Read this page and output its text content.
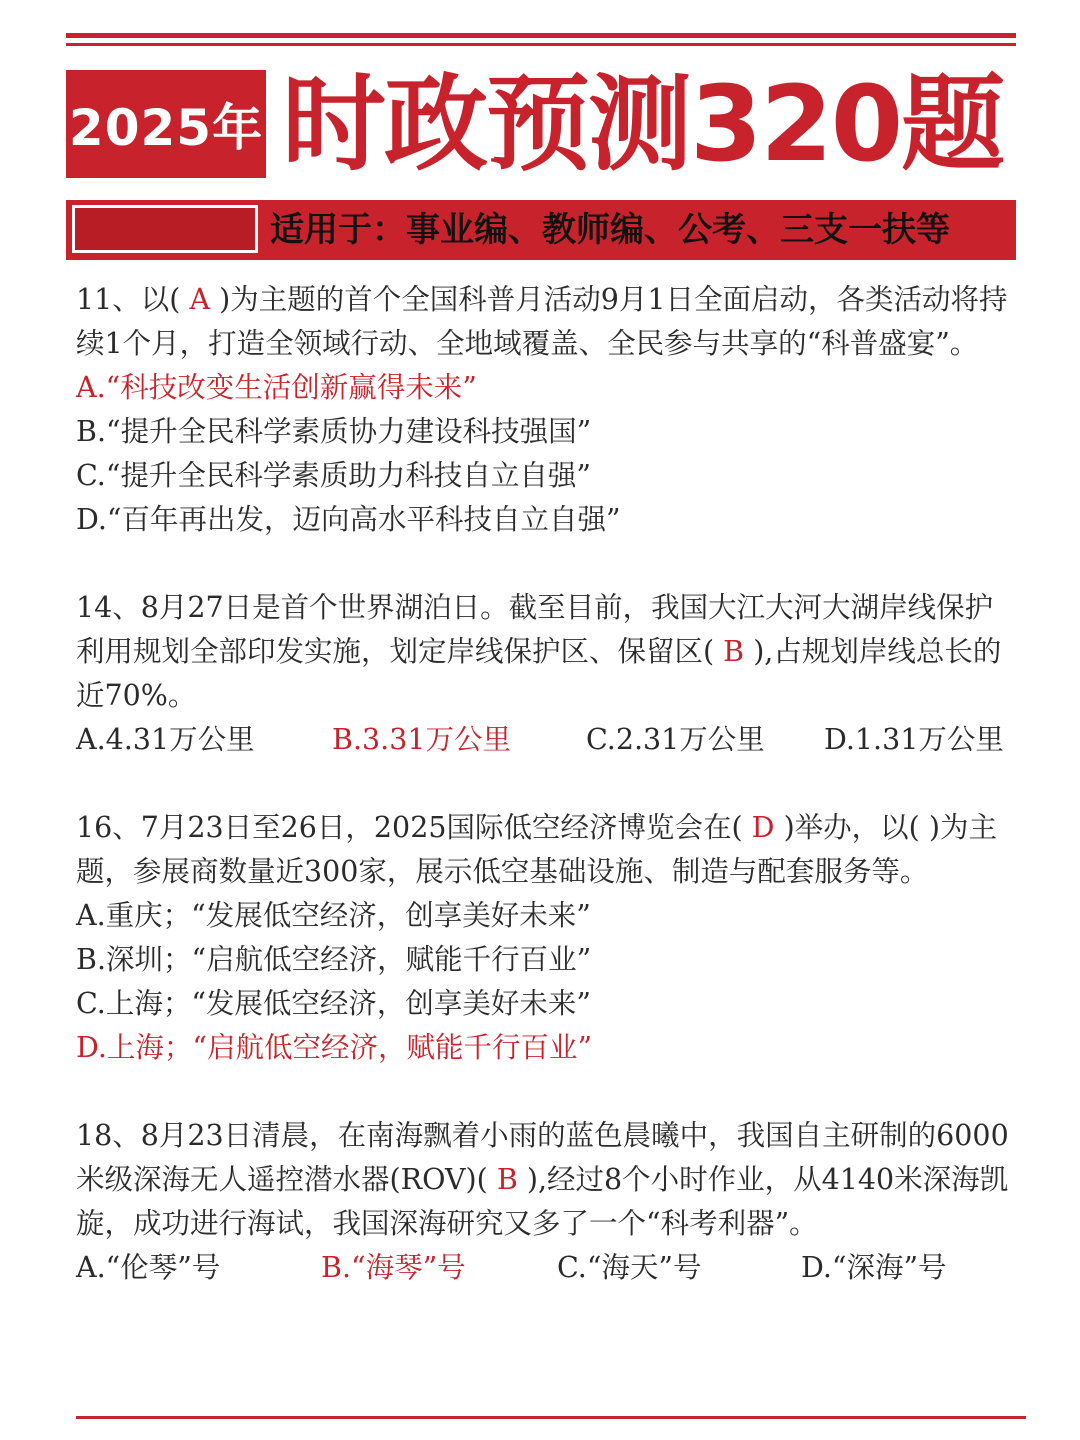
2025年 时政预测320题
适用于：事业编、教师编、公考、三支一扶等

11、以( A )为主题的首个全国科普月活动9月1日全面启动，各类活动将持续1个月，打造全领域行动、全地域覆盖、全民参与共享的“科普盛宴”。

A.“科技改变生活创新赢得未来”

B.“提升全民科学素质协力建设科技强国”

C.“提升全民科学素质助力科技自立自强”

D.“百年再出发，迈向高水平科技自立自强”

14、8月27日是首个世界湖泊日。截至目前，我国大江大河大湖岸线保护利用规划全部印发实施，划定岸线保护区、保留区( B ),占规划岸线总长的近70%。

A.4.31万公里	B.3.31万公里	C.2.31万公里	D.1.31万公里

16、7月23日至26日，2025国际低空经济博览会在( D )举办，以( )为主题，参展商数量近300家，展示低空基础设施、制造与配套服务等。

A.重庆；“发展低空经济，创享美好未来”

B.深圳；“启航低空经济，赋能千行百业”

C.上海；“发展低空经济，创享美好未来”

D.上海；“启航低空经济，赋能千行百业”

18、8月23日清晨，在南海飘着小雨的蓝色晨曦中，我国自主研制的6000米级深海无人遥控潜水器(ROV)( B ),经过8个小时作业，从4140米深海凯旋，成功进行海试，我国深海研究又多了一个“科考利器”。

A.“伦琴”号	B.“海琴”号	C.“海天”号	D.“深海”号
